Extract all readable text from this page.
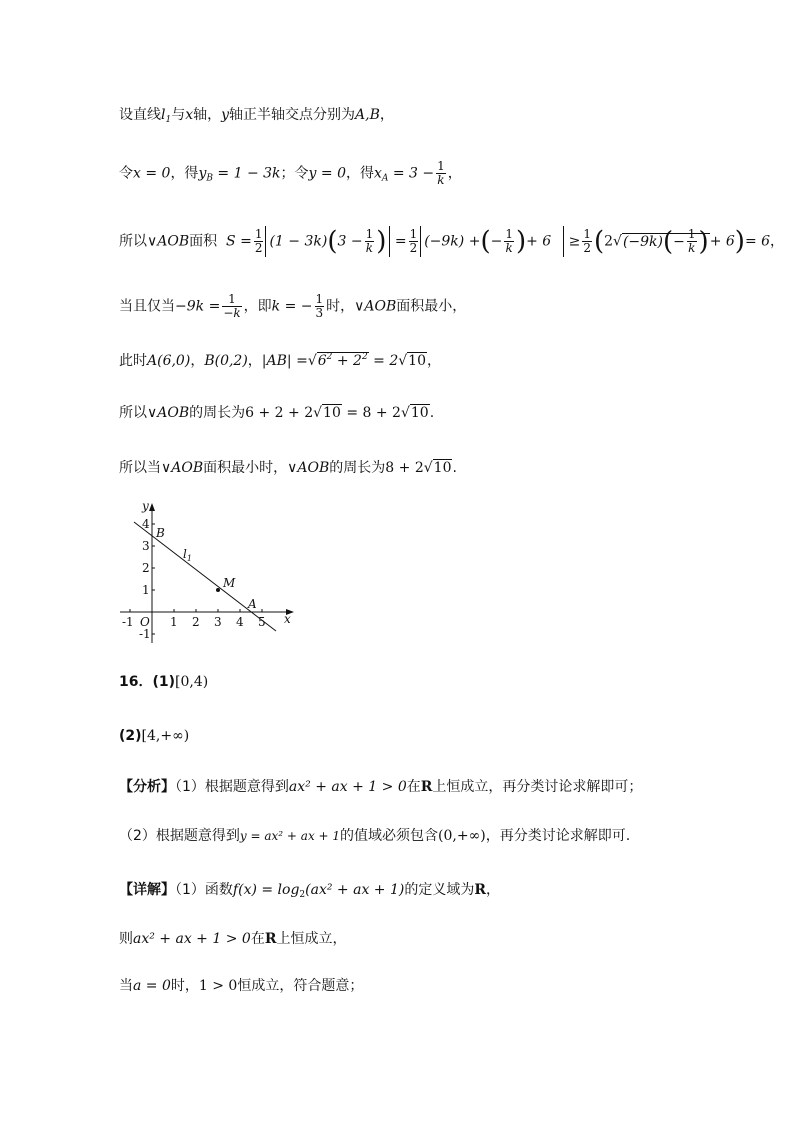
设直线$l_1$与x轴，y轴正半轴交点分别为A,B，
令x = 0，得$y_B = 1 - 3k$；令y = 0，得$x_A = 3 - \frac{1}{k}$ ，
所以∨AOB面积 $S = \frac{1}{2} (1 - 3k)(3 - \frac{1}{k}$ ) = $\frac{1}{2} (-9k)$ +(− $\frac{1}{k}$ )+ $6 \ge \frac{1}{2} (2√(-9k)(- \frac{1}{k}$ )+ 6)= 6，
当且仅当$-9k = \frac{1}{-k}$ ，即k = − $\frac{1}{3}$ 时，∨AOB面积最小，
此时A(6,0)，B(0,2)，$|AB| =√6^2 + 2^2 = 2√10$，
所以∨AOB的周长为6 + 2 + 2√10 = 8 + 2√10.
所以当∨AOB面积最小时，∨AOB的周长为8 + 2√10.
y
x
O
4
3
2
1
-1
-1	1 2 3 4 5
B
A
M
$l_1$
16．(1)[0,4)
(2)[4,+∞)
【分析】（1）根据题意得到ax² + ax + 1 > 0在R上恒成立，再分类讨论求解即可；
（2）根据题意得到y = ax² + ax + 1的值域必须包含(0,+∞)，再分类讨论求解即可.
【详解】（1）函数$f(x) = \log_2(ax^2$ + ax + 1)的定义域为R，
则ax² + ax + 1 > 0在R上恒成立，
当a = 0时，1 > 0恒成立，符合题意；
